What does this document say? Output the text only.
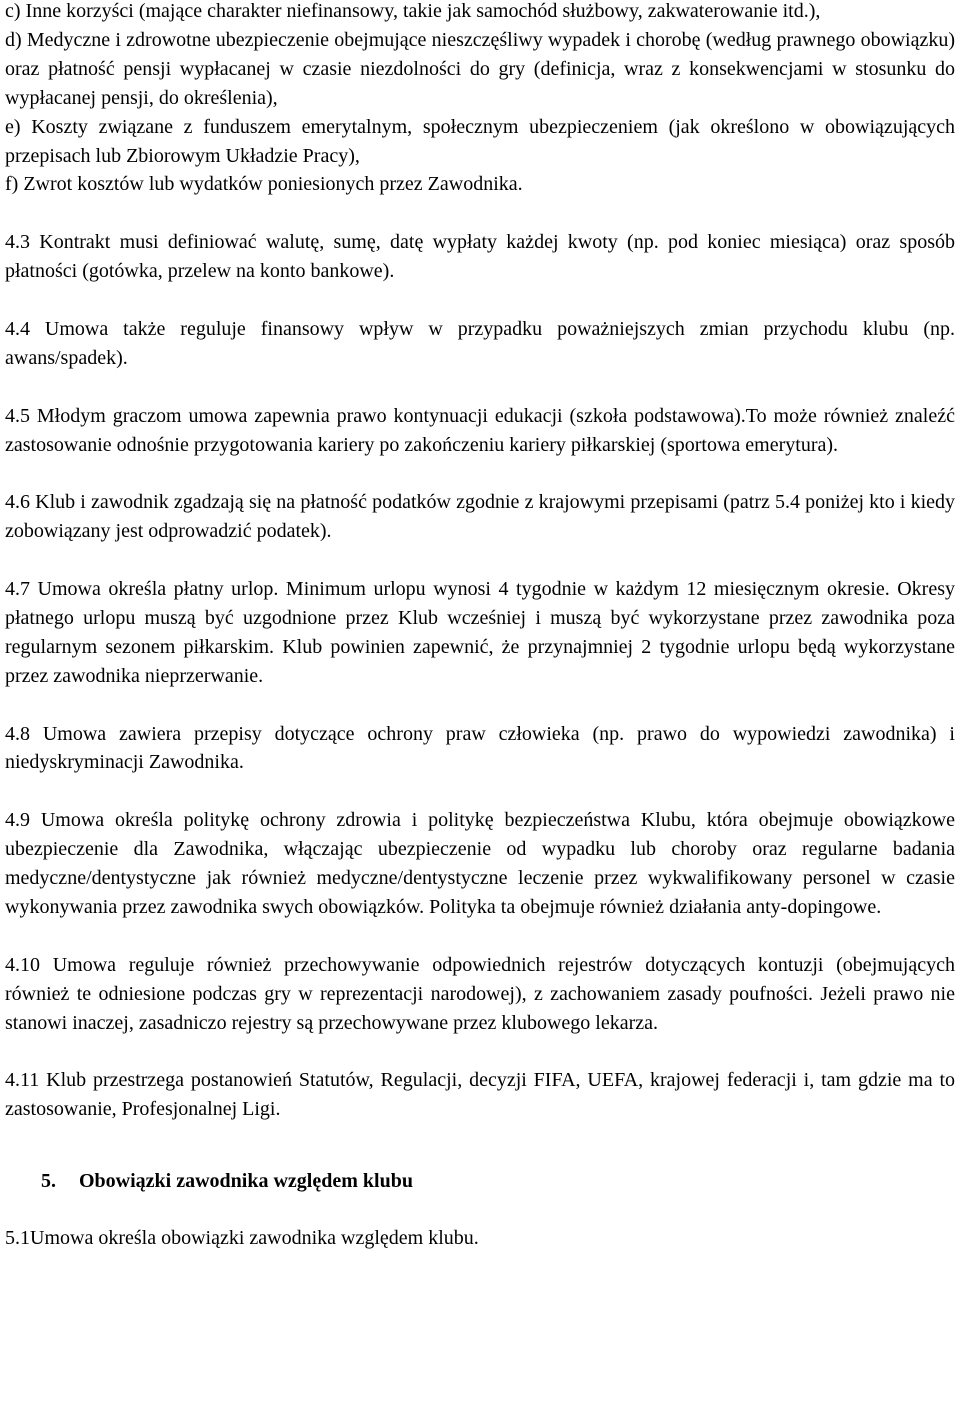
c) Inne korzyści (mające charakter niefinansowy, takie jak samochód służbowy, zakwaterowanie itd.),

d) Medyczne i zdrowotne ubezpieczenie obejmujące nieszczęśliwy wypadek i chorobę (według prawnego obowiązku) oraz płatność pensji wypłacanej w czasie niezdolności do gry (definicja, wraz z konsekwencjami w stosunku do wypłacanej pensji, do określenia),

e) Koszty związane z funduszem emerytalnym, społecznym ubezpieczeniem (jak określono w obowiązujących przepisach lub Zbiorowym Układzie Pracy),

f) Zwrot kosztów lub wydatków poniesionych przez Zawodnika.

4.3 Kontrakt musi definiować walutę, sumę, datę wypłaty każdej kwoty (np. pod koniec miesiąca) oraz sposób płatności (gotówka, przelew na konto bankowe).

4.4 Umowa także reguluje finansowy wpływ w przypadku poważniejszych zmian przychodu klubu (np. awans/spadek).

4.5 Młodym graczom umowa zapewnia prawo kontynuacji edukacji (szkoła podstawowa).To może również znaleźć zastosowanie odnośnie przygotowania kariery po zakończeniu kariery piłkarskiej (sportowa emerytura).

4.6 Klub i zawodnik zgadzają się na płatność podatków zgodnie z krajowymi przepisami (patrz 5.4 poniżej kto i kiedy zobowiązany jest odprowadzić podatek).

4.7 Umowa określa płatny urlop. Minimum urlopu wynosi 4 tygodnie w każdym 12 miesięcznym okresie. Okresy płatnego urlopu muszą być uzgodnione przez Klub wcześniej i muszą być wykorzystane przez zawodnika poza regularnym sezonem piłkarskim. Klub powinien zapewnić, że przynajmniej 2 tygodnie urlopu będą wykorzystane przez zawodnika nieprzerwanie.

4.8 Umowa zawiera przepisy dotyczące ochrony praw człowieka (np. prawo do wypowiedzi zawodnika) i niedyskryminacji Zawodnika.

4.9 Umowa określa politykę ochrony zdrowia i politykę bezpieczeństwa Klubu, która obejmuje obowiązkowe ubezpieczenie dla Zawodnika, włączając ubezpieczenie od wypadku lub choroby oraz regularne badania medyczne/dentystyczne jak również medyczne/dentystyczne leczenie przez wykwalifikowany personel w czasie wykonywania przez zawodnika swych obowiązków. Polityka ta obejmuje również działania anty-dopingowe.

4.10 Umowa reguluje również przechowywanie odpowiednich rejestrów dotyczących kontuzji (obejmujących również te odniesione podczas gry w reprezentacji narodowej), z zachowaniem zasady poufności. Jeżeli prawo nie stanowi inaczej, zasadniczo rejestry są przechowywane przez klubowego lekarza.

4.11 Klub przestrzega postanowień Statutów, Regulacji, decyzji FIFA, UEFA, krajowej federacji i, tam gdzie ma to zastosowanie, Profesjonalnej Ligi.

5. Obowiązki zawodnika względem klubu

5.1Umowa określa obowiązki zawodnika względem klubu.
